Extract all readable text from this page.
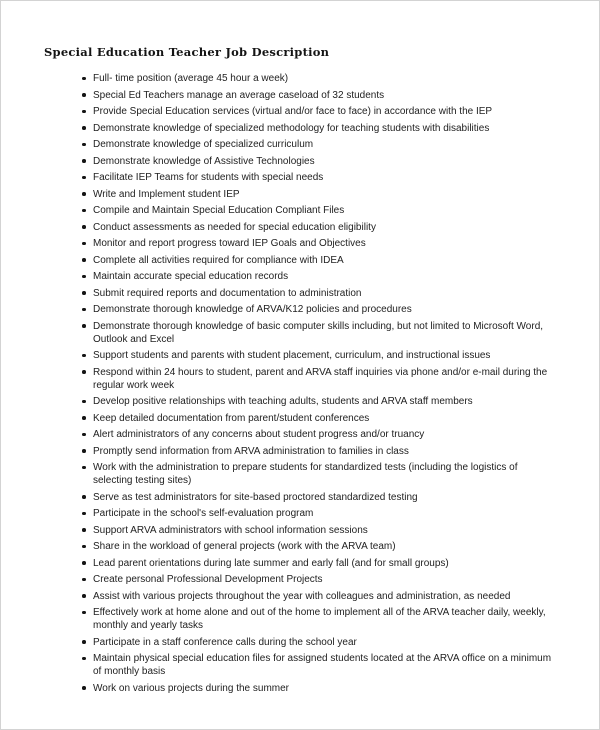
Special Education Teacher Job Description
Full- time position (average 45 hour a week)
Special Ed Teachers manage an average caseload of 32 students
Provide Special Education services (virtual and/or face to face) in accordance with the IEP
Demonstrate knowledge of specialized methodology for teaching students with disabilities
Demonstrate knowledge of specialized curriculum
Demonstrate knowledge of Assistive Technologies
Facilitate IEP Teams for students with special needs
Write and Implement student IEP
Compile and Maintain Special Education Compliant Files
Conduct assessments as needed for special education eligibility
Monitor and report progress toward IEP Goals and Objectives
Complete all activities required for compliance with IDEA
Maintain accurate special education records
Submit required reports and documentation to administration
Demonstrate thorough knowledge of ARVA/K12 policies and procedures
Demonstrate thorough knowledge of basic computer skills including, but not limited to Microsoft Word, Outlook and Excel
Support students and parents with student placement, curriculum, and instructional issues
Respond within 24 hours to student, parent and ARVA staff inquiries via phone and/or e-mail during the regular work week
Develop positive relationships with teaching adults, students and ARVA staff members
Keep detailed documentation from parent/student conferences
Alert administrators of any concerns about student progress and/or truancy
Promptly send information from ARVA administration to families in class
Work with the administration to prepare students for standardized tests (including the logistics of selecting testing sites)
Serve as test administrators for site-based proctored standardized testing
Participate in the school's self-evaluation program
Support ARVA administrators with school information sessions
Share in the workload of general projects (work with the ARVA team)
Lead parent orientations during late summer and early fall (and for small groups)
Create personal Professional Development Projects
Assist with various projects throughout the year with colleagues and administration, as needed
Effectively work at home alone and out of the home to implement all of the ARVA teacher daily, weekly, monthly and yearly tasks
Participate in a staff conference calls during the school year
Maintain physical special education files for assigned students located at the ARVA office on a minimum of monthly basis
Work on various projects during the summer
